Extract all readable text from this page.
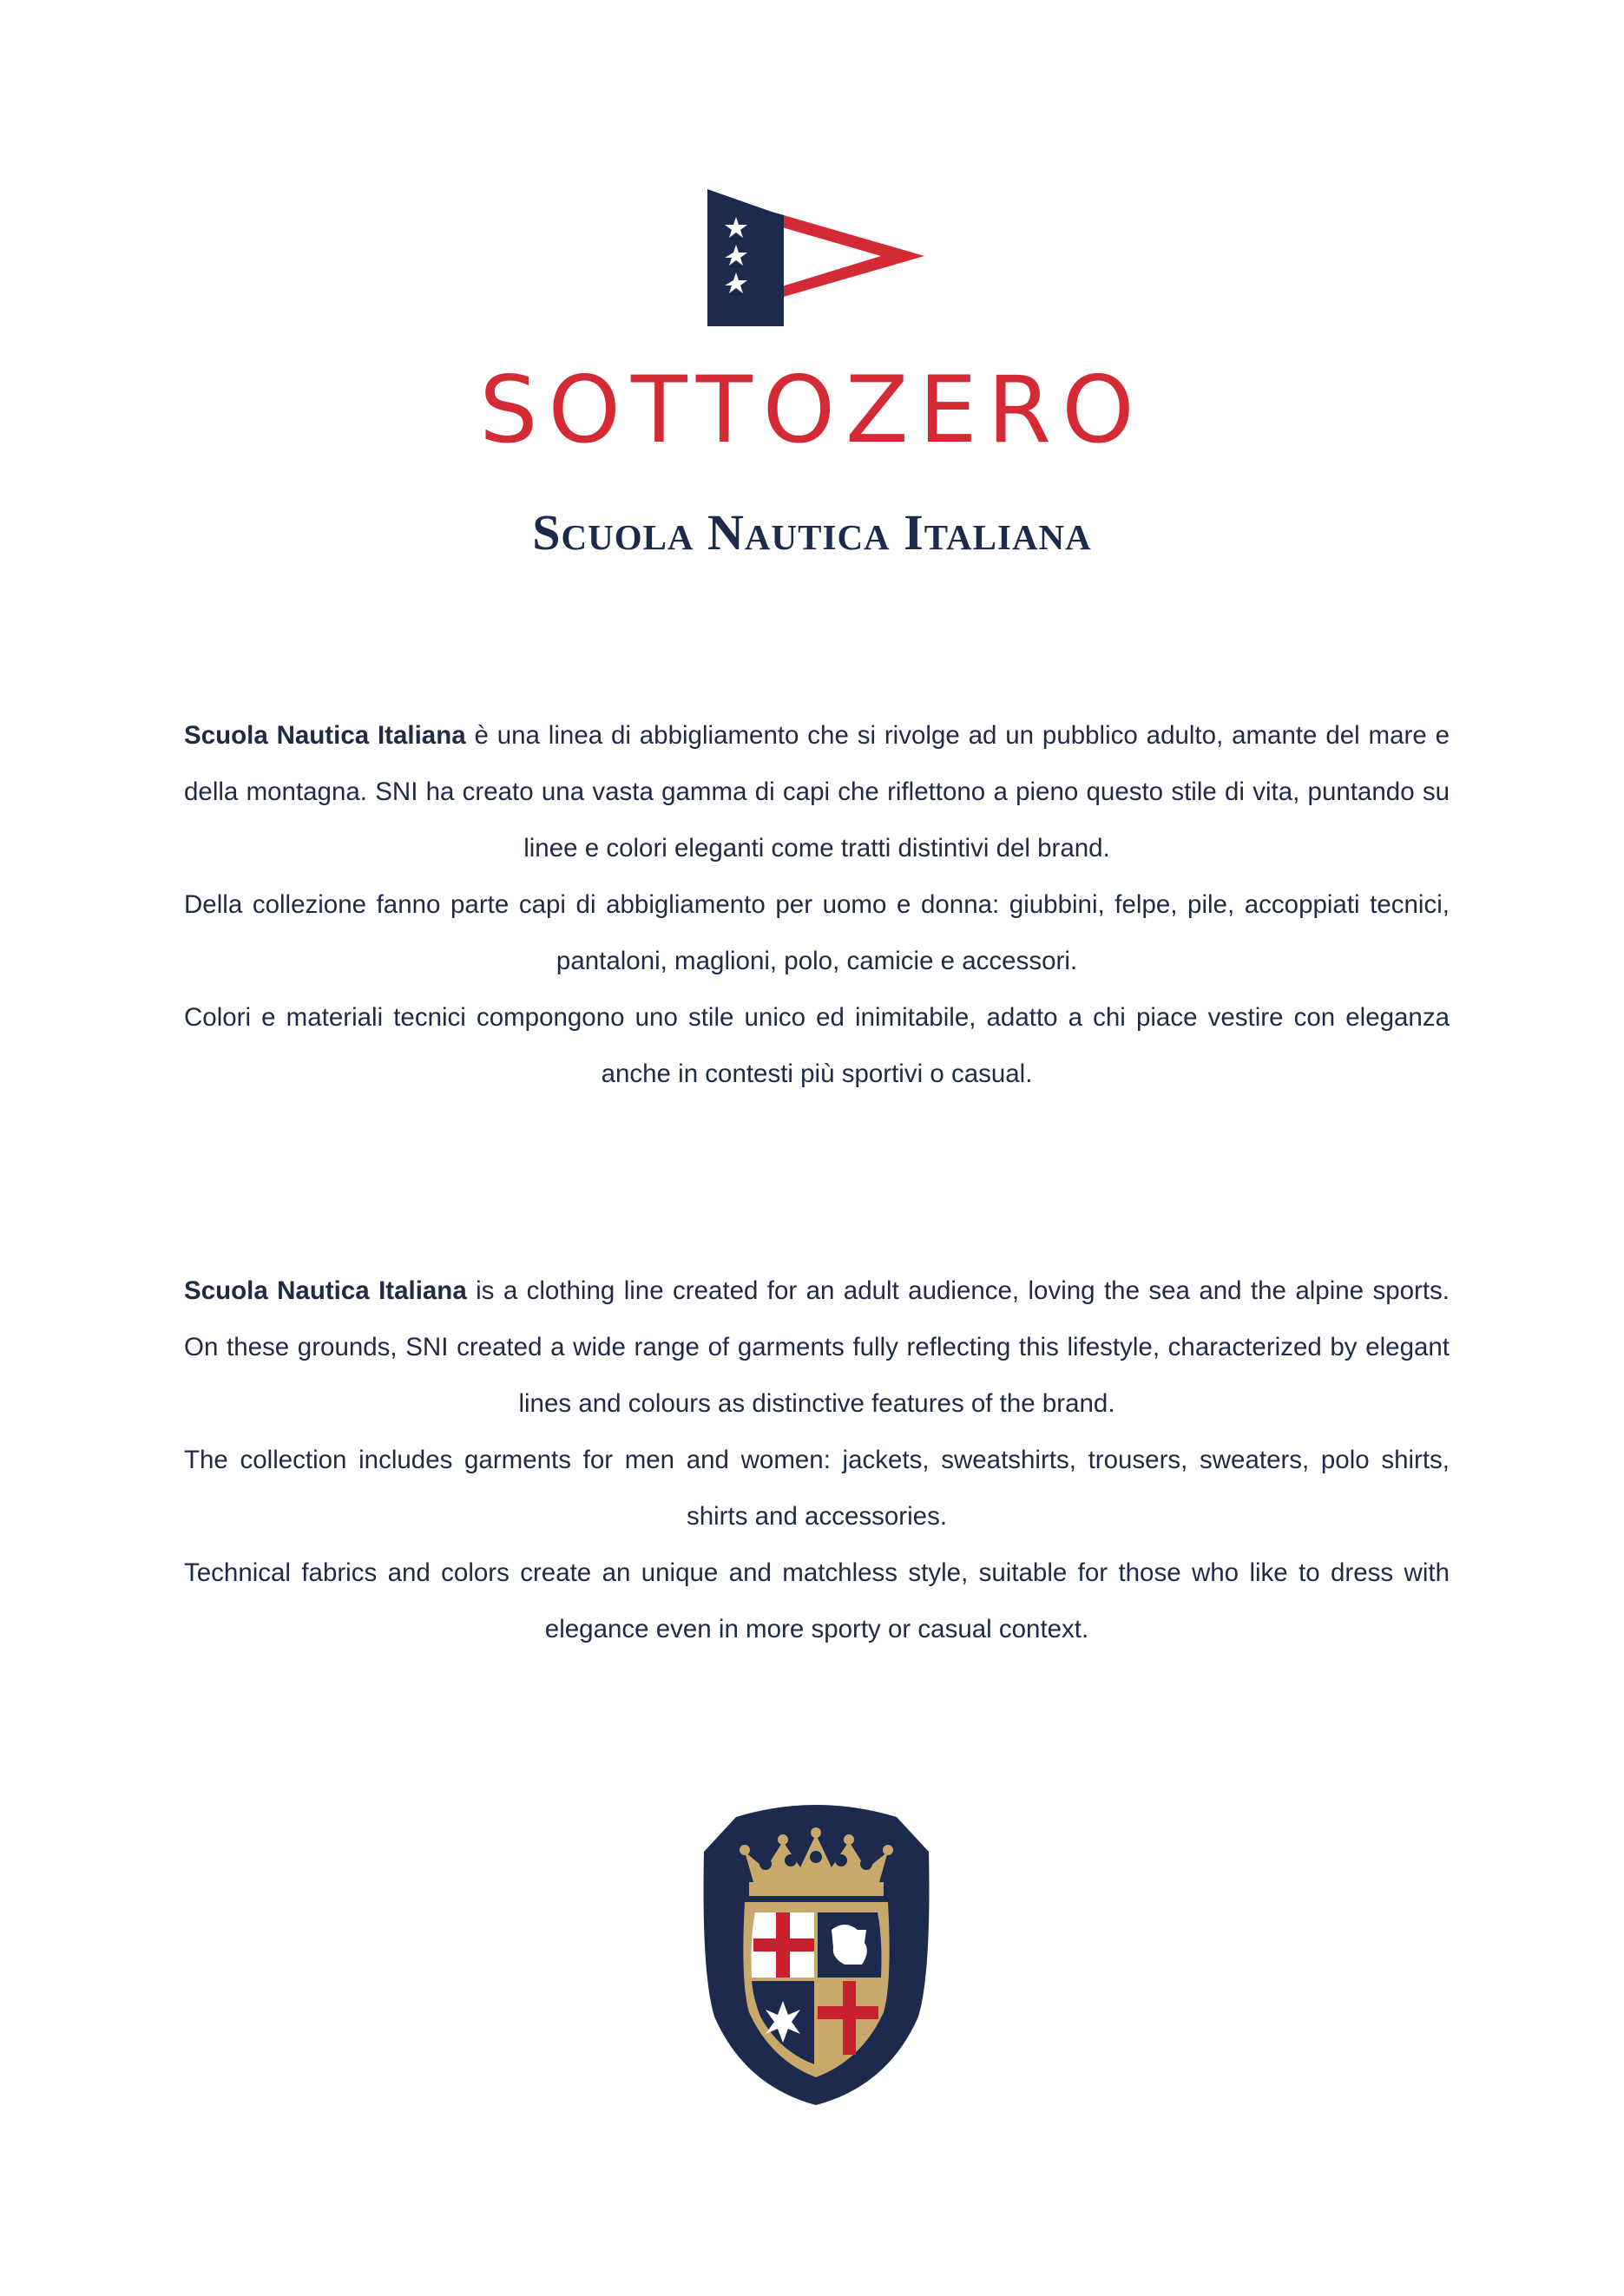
SOTTOZERO
Scuola Nautica Italiana

Scuola Nautica Italiana è una linea di abbigliamento che si rivolge ad un pubblico adulto, amante del mare e della montagna. SNI ha creato una vasta gamma di capi che riflettono a pieno questo stile di vita, puntando su linee e colori eleganti come tratti distintivi del brand.

Della collezione fanno parte capi di abbigliamento per uomo e donna: giubbini, felpe, pile, accoppiati tecnici, pantaloni, maglioni, polo, camicie e accessori.

Colori e materiali tecnici compongono uno stile unico ed inimitabile, adatto a chi piace vestire con eleganza anche in contesti più sportivi o casual.

Scuola Nautica Italiana is a clothing line created for an adult audience, loving the sea and the alpine sports. On these grounds, SNI created a wide range of garments fully reflecting this lifestyle, characterized by elegant lines and colours as distinctive features of the brand.

The collection includes garments for men and women: jackets, sweatshirts, trousers, sweaters, polo shirts, shirts and accessories.

Technical fabrics and colors create an unique and matchless style, suitable for those who like to dress with elegance even in more sporty or casual context.
